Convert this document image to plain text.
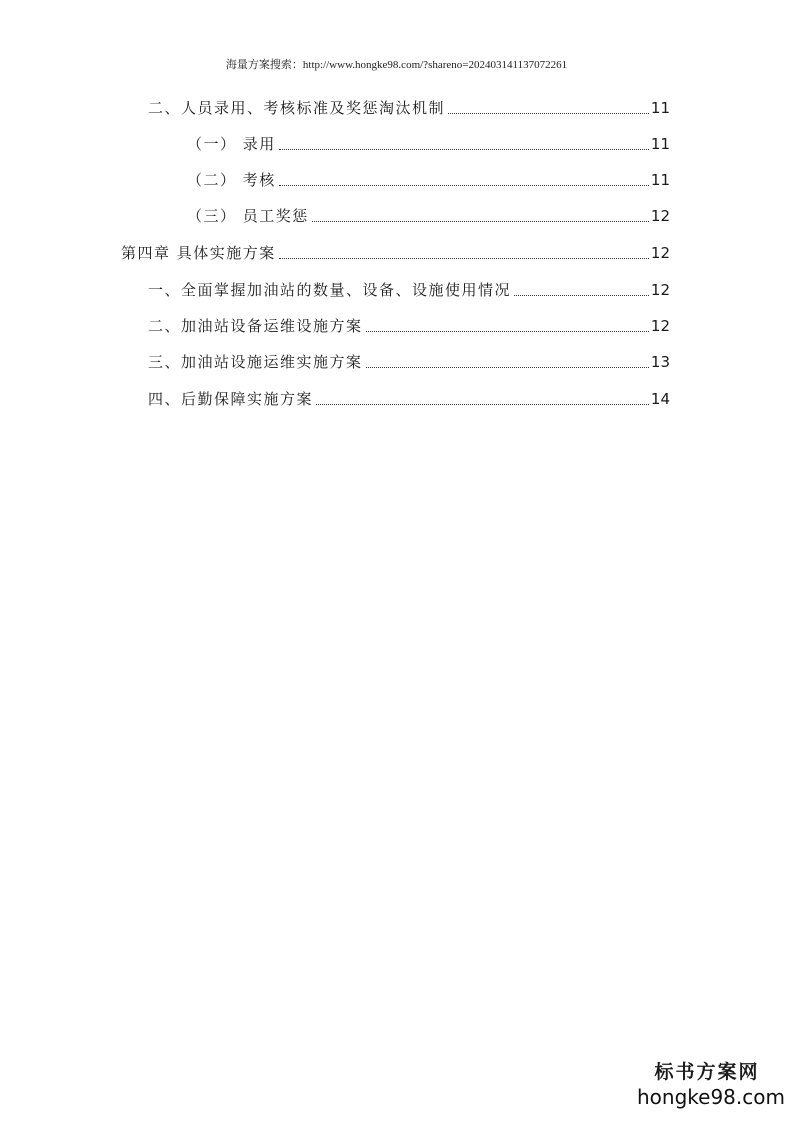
海量方案搜索：http://www.hongke98.com/?shareno=202403141137072261
二、人员录用、考核标准及奖惩淘汰机制	11
（一） 录用	11
（二） 考核	11
（三） 员工奖惩	12
第四章 具体实施方案	12
一、全面掌握加油站的数量、设备、设施使用情况	12
二、加油站设备运维设施方案	12
三、加油站设施运维实施方案	13
四、后勤保障实施方案	14
标书方案网
hongke98.com
